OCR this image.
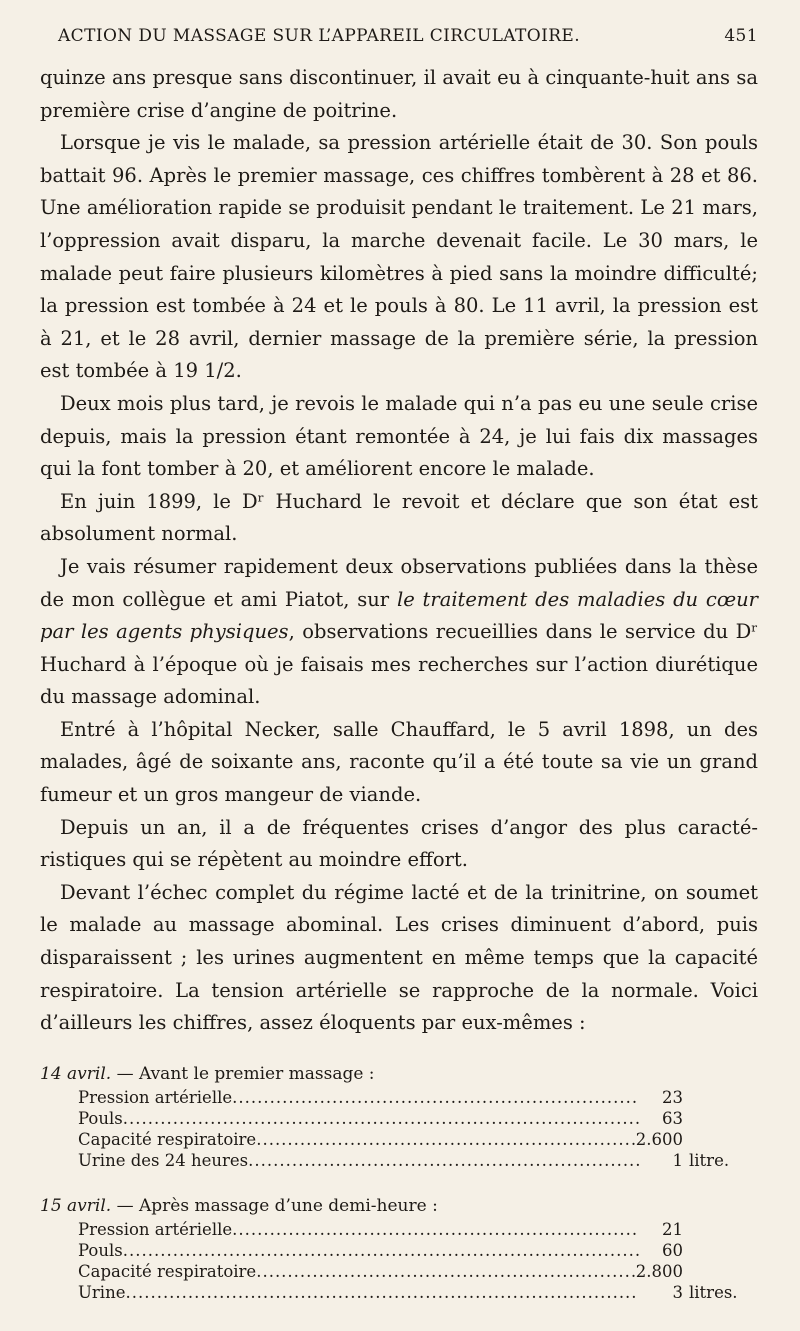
ACTION DU MASSAGE SUR L’APPAREIL CIRCULATOIRE.	451

quinze ans presque sans discontinuer, il avait eu à cinquante-huit ans sa première crise d’angine de poitrine.

Lorsque je vis le malade, sa pression artérielle était de 30. Son pouls battait 96. Après le premier massage, ces chiffres tombèrent à 28 et 86. Une amélioration rapide se produisit pendant le traitement. Le 21 mars, l’oppression avait disparu, la marche devenait facile. Le 30 mars, le malade peut faire plusieurs kilomètres à pied sans la moindre difficulté; la pression est tombée à 24 et le pouls à 80. Le 11 avril, la pression est à 21, et le 28 avril, dernier massage de la première série, la pression est tombée à 19 1/2.

Deux mois plus tard, je revois le malade qui n’a pas eu une seule crise depuis, mais la pression étant remontée à 24, je lui fais dix massages qui la font tomber à 20, et améliorent encore le malade.

En juin 1899, le Dʳ Huchard le revoit et déclare que son état est absolument normal.

Je vais résumer rapidement deux observations publiées dans la thèse de mon collègue et ami Piatot, sur le traitement des maladies du cœur par les agents physiques, observations recueillies dans le service du Dʳ Huchard à l’époque où je faisais mes recherches sur l’action diurétique du massage adominal.

Entré à l’hôpital Necker, salle Chauffard, le 5 avril 1898, un des malades, âgé de soixante ans, raconte qu’il a été toute sa vie un grand fumeur et un gros mangeur de viande.

Depuis un an, il a de fréquentes crises d’angor des plus caracté-ristiques qui se répètent au moindre effort.

Devant l’échec complet du régime lacté et de la trinitrine, on soumet le malade au massage abominal. Les crises diminuent d’abord, puis disparaissent ; les urines augmentent en même temps que la capacité respiratoire. La tension artérielle se rapproche de la normale. Voici d’ailleurs les chiffres, assez éloquents par eux-mêmes :

14 avril. — Avant le premier massage :

Pression artérielle .....	23
Pouls .....	63
Capacité respiratoire .....	2.600
Urine des 24 heures .....	1 litre.

15 avril. — Après massage d’une demi-heure :

Pression artérielle .....	21
Pouls .....	60
Capacité respiratoire .....	2.800
Urine .....	3 litres.
